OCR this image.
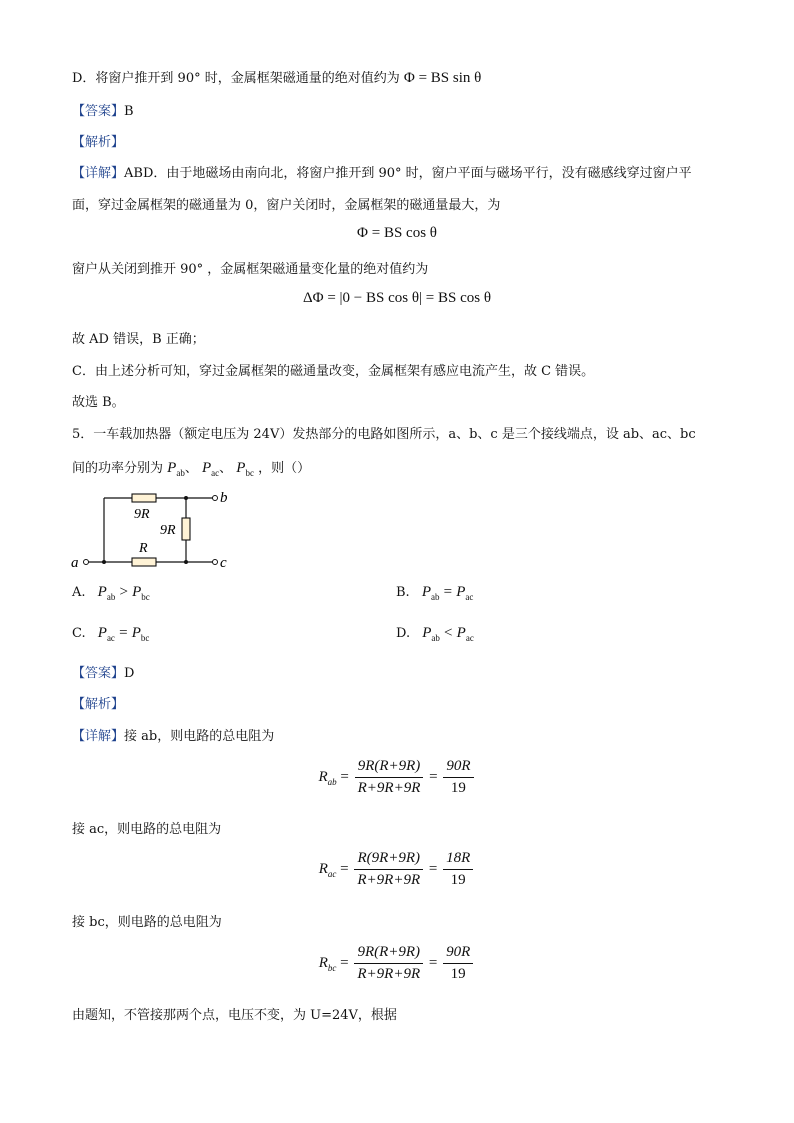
D．将窗户推开到 90° 时，金属框架磁通量的绝对值约为 Φ = BS sin θ
【答案】B
【解析】
【详解】ABD．由于地磁场由南向北，将窗户推开到 90° 时，窗户平面与磁场平行，没有磁感线穿过窗户平
面，穿过金属框架的磁通量为 0，窗户关闭时，金属框架的磁通量最大，为
Φ = BS cos θ
窗户从关闭到推开 90° ，金属框架磁通量变化量的绝对值约为
ΔΦ = |0 − BS cos θ| = BS cos θ
故 AD 错误，B 正确；
C．由上述分析可知，穿过金属框架的磁通量改变，金属框架有感应电流产生，故 C 错误。
故选 B。
5．一车载加热器（额定电压为 24V）发热部分的电路如图所示，a、b、c 是三个接线端点，设 ab、ac、bc
间的功率分别为 $P_{ab}$、 $P_{ac}$、 $P_{bc}$ ，则（）
9R
9R
R
a
b
c
A. $P_{ab} > P_{bc}$	B. $P_{ab} = P_{ac}$
C. $P_{ac} = P_{bc}$	D. $P_{ab} < P_{ac}$
【答案】D
【解析】
【详解】接 ab，则电路的总电阻为
$R_{ab} = \frac{9R(R+9R)}{R+9R+9R} = \frac{90R}{19}$
接 ac，则电路的总电阻为
$R_{ac} = \frac{R(9R+9R)}{R+9R+9R} = \frac{18R}{19}$
接 bc，则电路的总电阻为
$R_{bc} = \frac{9R(R+9R)}{R+9R+9R} = \frac{90R}{19}$
由题知，不管接那两个点，电压不变，为 U=24V，根据
